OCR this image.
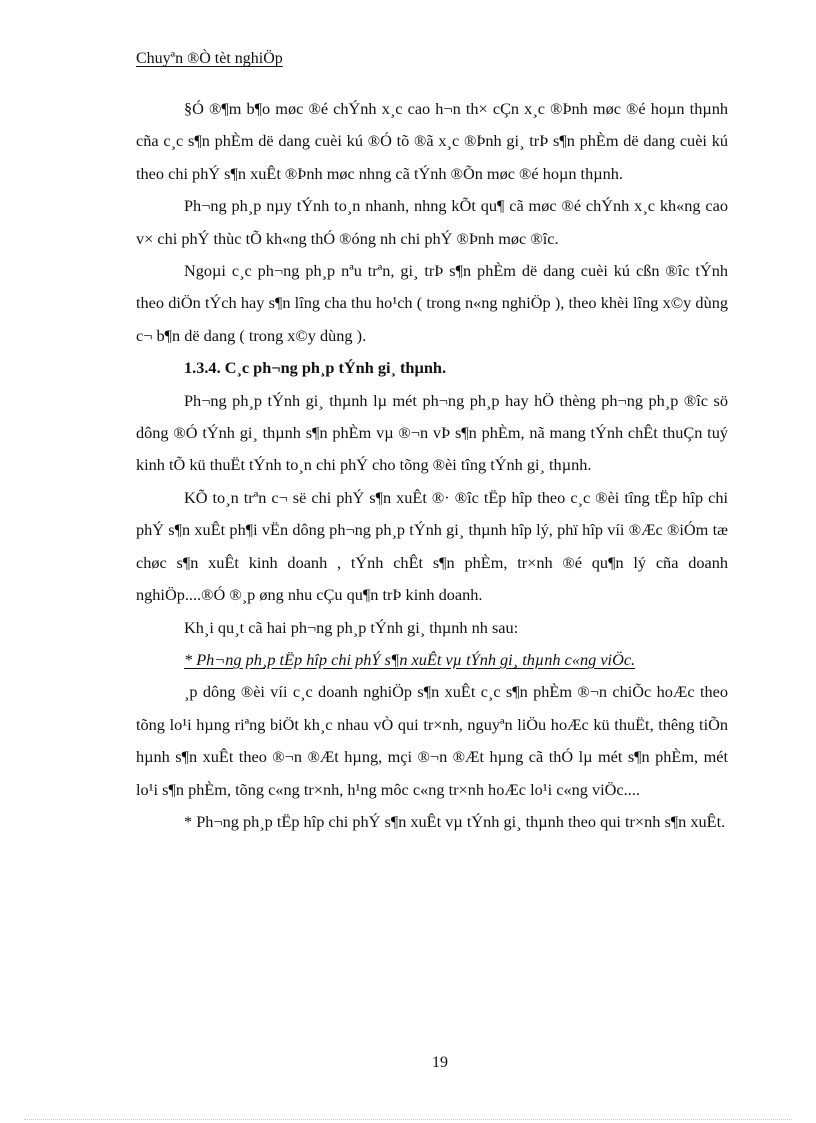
Chuyªn ®Ò tèt nghiÖp

§Ó ®¶m b¶o møc ®é chÝnh x¸c cao h¬n th× cÇn x¸c ®Þnh møc ®é hoµn thµnh cña c¸c s¶n phÈm dë dang cuèi kú ®Ó tõ ®ã x¸c ®Þnh gi¸ trÞ s¶n phÈm dë dang cuèi kú theo chi phÝ s¶n xuÊt ®Þnh møc nhng cã tÝnh ®Õn møc ®é hoµn thµnh.

Ph¬ng ph¸p nµy tÝnh to¸n nhanh, nhng kÕt qu¶ cã møc ®é chÝnh x¸c kh«ng cao v× chi phÝ thùc tÕ kh«ng thÓ ®óng nh chi phÝ ®Þnh møc ®îc.

Ngoµi c¸c ph¬ng ph¸p nªu trªn, gi¸ trÞ s¶n phÈm dë dang cuèi kú cßn ®îc tÝnh theo diÖn tÝch hay s¶n lîng cha thu ho¹ch ( trong n«ng nghiÖp ), theo khèi lîng x©y dùng c¬ b¶n dë dang ( trong x©y dùng ).

1.3.4. C¸c ph¬ng ph¸p tÝnh gi¸ thµnh.

Ph¬ng ph¸p tÝnh gi¸ thµnh lµ mét ph¬ng ph¸p hay hÖ thèng ph¬ng ph¸p ®îc sö dông ®Ó tÝnh gi¸ thµnh s¶n phÈm vµ ®¬n vÞ s¶n phÈm, nã mang tÝnh chÊt thuÇn tuý kinh tÕ kü thuËt tÝnh to¸n chi phÝ cho tõng ®èi tîng tÝnh gi¸ thµnh.

KÕ to¸n trªn c¬ së chi phÝ s¶n xuÊt ®· ®îc tËp hîp theo c¸c ®èi tîng tËp hîp chi phÝ s¶n xuÊt ph¶i vËn dông ph¬ng ph¸p tÝnh gi¸ thµnh hîp lý, phï hîp víi ®Æc ®iÓm tæ chøc s¶n xuÊt kinh doanh , tÝnh chÊt s¶n phÈm, tr×nh ®é qu¶n lý cña doanh nghiÖp....®Ó ®¸p øng nhu cÇu qu¶n trÞ kinh doanh.

Kh¸i qu¸t cã hai ph¬ng ph¸p tÝnh gi¸ thµnh nh sau:

* Ph¬ng ph¸p tËp hîp chi phÝ s¶n xuÊt vµ tÝnh gi¸ thµnh c«ng viÖc.

¸p dông ®èi víi c¸c doanh nghiÖp s¶n xuÊt c¸c s¶n phÈm ®¬n chiÕc hoÆc theo tõng lo¹i hµng riªng biÖt kh¸c nhau vÒ qui tr×nh, nguyªn liÖu hoÆc kü thuËt, thêng tiÕn hµnh s¶n xuÊt theo ®¬n ®Æt hµng, mçi ®¬n ®Æt hµng cã thÓ lµ mét s¶n phÈm, mét lo¹i s¶n phÈm, tõng c«ng tr×nh, h¹ng môc c«ng tr×nh hoÆc lo¹i c«ng viÖc....

* Ph¬ng ph¸p tËp hîp chi phÝ s¶n xuÊt vµ tÝnh gi¸ thµnh theo qui tr×nh s¶n xuÊt.

19
